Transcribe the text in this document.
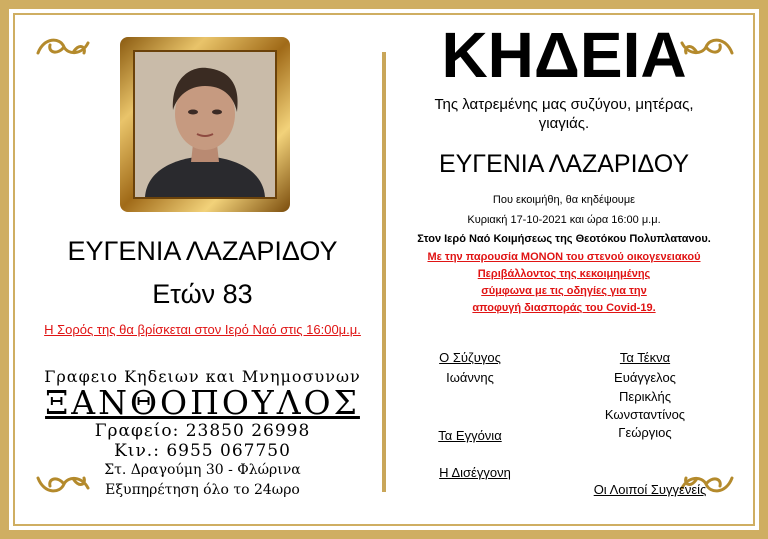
ΕΥΓΕΝΙΑ ΛΑΖΑΡΙΔΟΥ
Ετών 83
Η Σορός της θα βρίσκεται στον Ιερό Ναό στις 16:00μ.μ.
Γραφειο Κηδειων και Μνημοσυνων
ΞΑΝΘΟΠΟΥΛΟΣ
Γραφείο: 23850 26998
Κιν.: 6955 067750
Στ. Δραγούμη 30 - Φλώρινα
Εξυπηρέτηση όλο το 24ωρο
ΚΗΔΕΙΑ
Της λατρεμένης μας συζύγου, μητέρας,
γιαγιάς.
ΕΥΓΕΝΙΑ ΛΑΖΑΡΙΔΟΥ
Που εκοιμήθη, θα κηδέψουμε
Κυριακή 17-10-2021 και ώρα 16:00 μ.μ.
Στον Ιερό Ναό Κοιμήσεως της Θεοτόκου Πολυπλατανου.
Με την παρουσία ΜΟΝΟΝ του στενού οικογενειακού
Περιβάλλοντος της κεκοιμημένης
σύμφωνα με τις οδηγίες για την
αποφυγή διασποράς του Covid-19.
Ο Σύζυγος
Ιωάννης
Τα Τέκνα
Ευάγγελος
Περικλής
Κωνσταντίνος
Γεώργιος
Τα Εγγόνια
Η Δισέγγονη
Οι Λοιποί Συγγενείς
